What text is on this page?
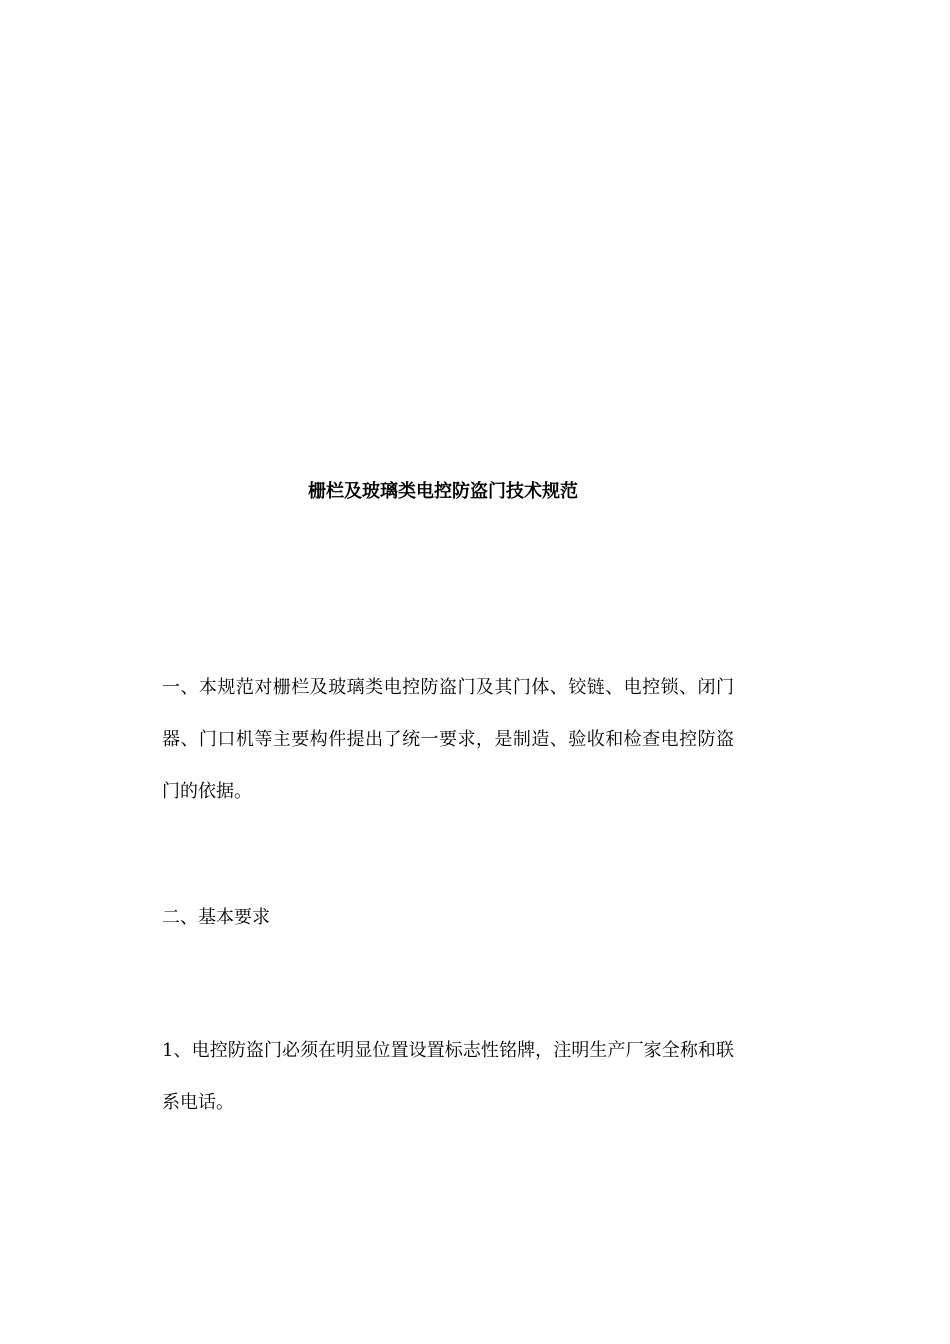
栅栏及玻璃类电控防盗门技术规范

一、本规范对栅栏及玻璃类电控防盗门及其门体、铰链、电控锁、闭门器、门口机等主要构件提出了统一要求，是制造、验收和检查电控防盗门的依据。

二、基本要求

1、电控防盗门必须在明显位置设置标志性铭牌，注明生产厂家全称和联系电话。
